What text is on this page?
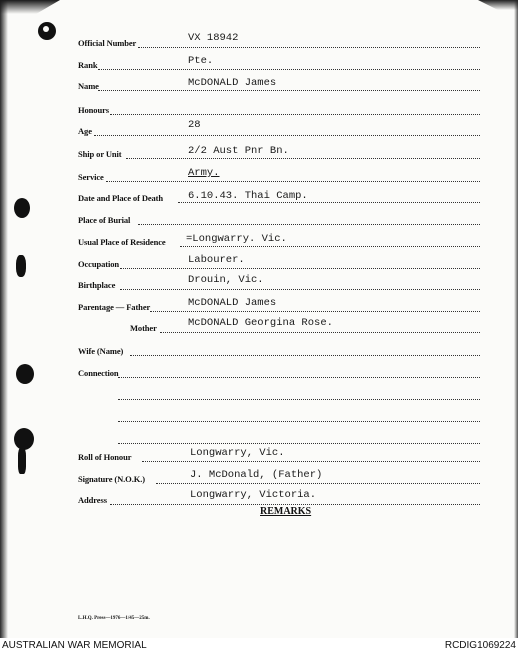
Official Number	VX 18942
Rank	Pte.
Name	McDONALD James
Honours
Age	28
Ship or Unit	2/2 Aust Pnr Bn.
Service	Army.
Date and Place of Death 6.10.43. Thai Camp.
Place of Burial
Usual Place of Residence =Longwarry. Vic.
Occupation	Labourer.
Birthplace	Drouin, Vic.
Parentage — Father	McDONALD James
Mother	McDONALD Georgina Rose.
Wife (Name)
Connection
Roll of Honour	Longwarry, Vic.
Signature (N.O.K.)	J. McDonald, (Father)
Address	Longwarry, Victoria.
REMARKS
L.H.Q. Press—1976—1/45—25m.
AUSTRALIAN WAR MEMORIAL	RCDIG1069224
